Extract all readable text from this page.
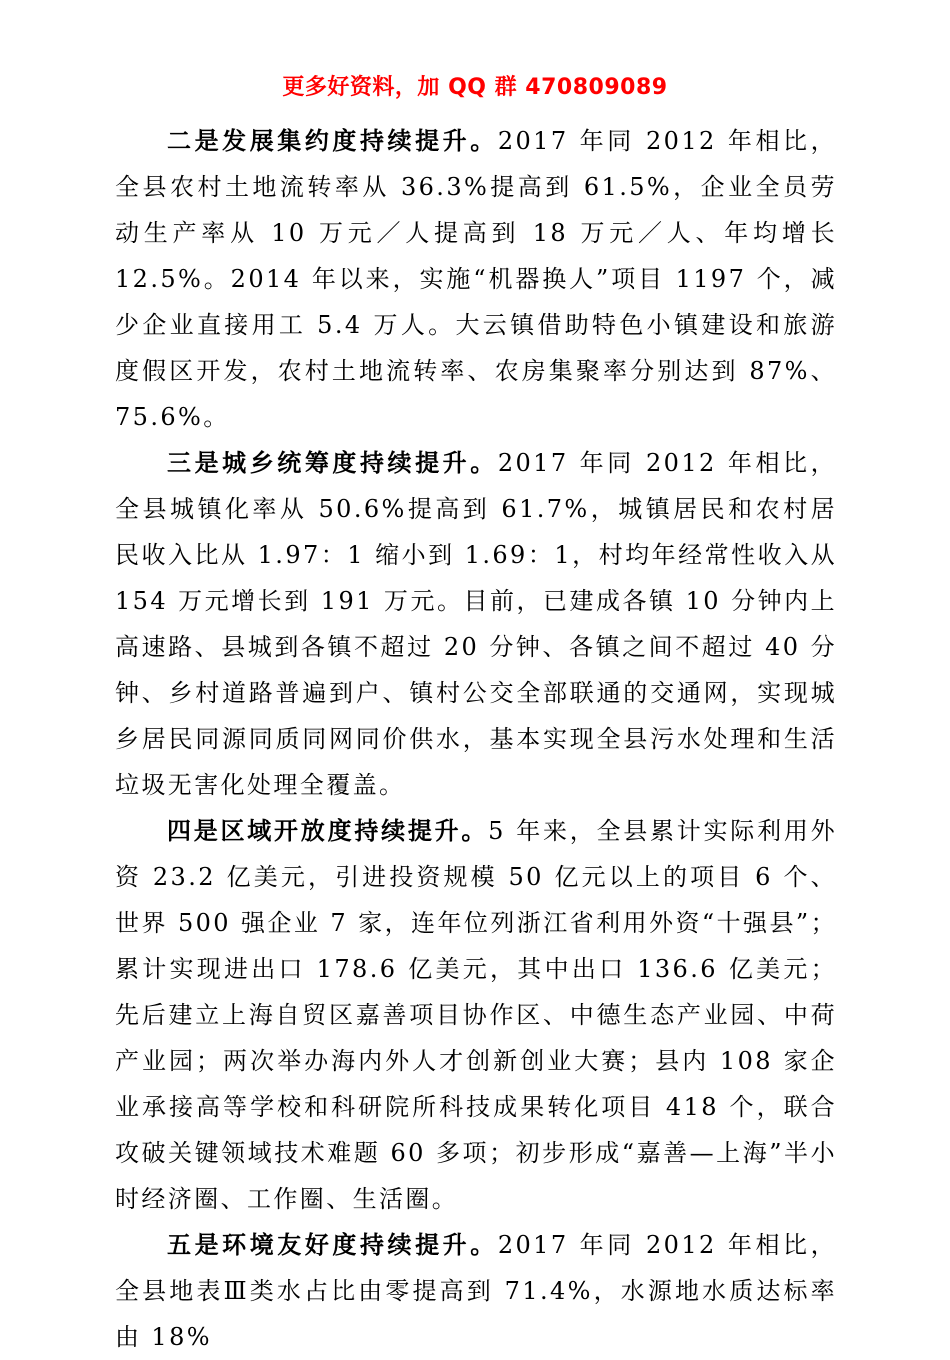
更多好资料，加 QQ 群 470809089

二是发展集约度持续提升。2017 年同 2012 年相比，全县农村土地流转率从 36.3%提高到 61.5%，企业全员劳动生产率从 10 万元／人提高到 18 万元／人、年均增长 12.5%。2014 年以来，实施“机器换人”项目 1197 个，减少企业直接用工 5.4 万人。大云镇借助特色小镇建设和旅游度假区开发，农村土地流转率、农房集聚率分别达到 87%、75.6%。

三是城乡统筹度持续提升。2017 年同 2012 年相比，全县城镇化率从 50.6%提高到 61.7%，城镇居民和农村居民收入比从 1.97：1 缩小到 1.69：1，村均年经常性收入从 154 万元增长到 191 万元。目前，已建成各镇 10 分钟内上高速路、县城到各镇不超过 20 分钟、各镇之间不超过 40 分钟、乡村道路普遍到户、镇村公交全部联通的交通网，实现城乡居民同源同质同网同价供水，基本实现全县污水处理和生活垃圾无害化处理全覆盖。

四是区域开放度持续提升。5 年来，全县累计实际利用外资 23.2 亿美元，引进投资规模 50 亿元以上的项目 6 个、世界 500 强企业 7 家，连年位列浙江省利用外资“十强县”；累计实现进出口 178.6 亿美元，其中出口 136.6 亿美元；先后建立上海自贸区嘉善项目协作区、中德生态产业园、中荷产业园；两次举办海内外人才创新创业大赛；县内 108 家企业承接高等学校和科研院所科技成果转化项目 418 个，联合攻破关键领域技术难题 60 多项；初步形成“嘉善—上海”半小时经济圈、工作圈、生活圈。

五是环境友好度持续提升。2017 年同 2012 年相比，全县地表Ⅲ类水占比由零提高到 71.4%，水源地水质达标率由 18%
